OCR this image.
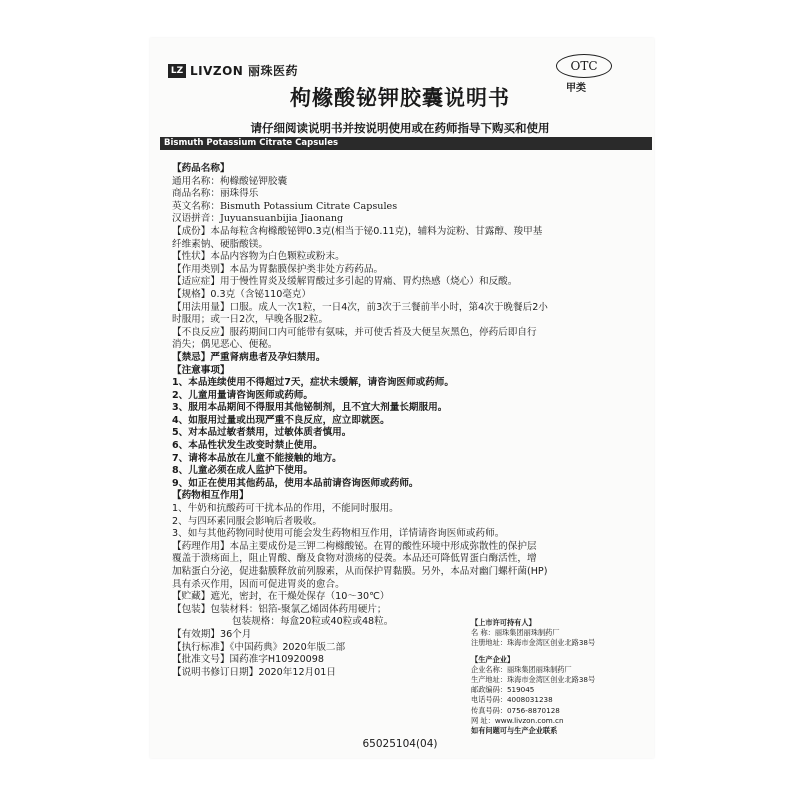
LZ LIVZON 丽珠医药	OTC
甲类
枸橼酸铋钾胶囊说明书
请仔细阅读说明书并按说明使用或在药师指导下购买和使用
Bismuth Potassium Citrate Capsules
【药品名称】
通用名称：枸橼酸铋钾胶囊
商品名称：丽珠得乐
英文名称：Bismuth Potassium Citrate Capsules
汉语拼音：Juyuansuanbijia Jiaonang
【成份】本品每粒含枸橼酸铋钾0.3克(相当于铋0.11克)，辅料为淀粉、甘露醇、羧甲基
纤维素钠、硬脂酸镁。
【性状】本品内容物为白色颗粒或粉末。
【作用类别】本品为胃黏膜保护类非处方药药品。
【适应症】用于慢性胃炎及缓解胃酸过多引起的胃痛、胃灼热感（烧心）和反酸。
【规格】0.3克（含铋110毫克）
【用法用量】口服。成人一次1粒，一日4次，前3次于三餐前半小时，第4次于晚餐后2小
时服用；或一日2次，早晚各服2粒。
【不良反应】服药期间口内可能带有氨味，并可使舌苔及大便呈灰黑色，停药后即自行
消失；偶见恶心、便秘。
【禁忌】严重肾病患者及孕妇禁用。
【注意事项】
1、本品连续使用不得超过7天，症状未缓解，请咨询医师或药师。
2、儿童用量请咨询医师或药师。
3、服用本品期间不得服用其他铋制剂，且不宜大剂量长期服用。
4、如服用过量或出现严重不良反应，应立即就医。
5、对本品过敏者禁用，过敏体质者慎用。
6、本品性状发生改变时禁止使用。
7、请将本品放在儿童不能接触的地方。
8、儿童必须在成人监护下使用。
9、如正在使用其他药品，使用本品前请咨询医师或药师。
【药物相互作用】
1、牛奶和抗酸药可干扰本品的作用，不能同时服用。
2、与四环素同服会影响后者吸收。
3、如与其他药物同时使用可能会发生药物相互作用，详情请咨询医师或药师。
【药理作用】本品主要成份是三钾二枸橼酸铋。在胃的酸性环境中形成弥散性的保护层
覆盖于溃疡面上，阻止胃酸、酶及食物对溃疡的侵袭。本品还可降低胃蛋白酶活性，增
加粘蛋白分泌，促进黏膜释放前列腺素，从而保护胃黏膜。另外，本品对幽门螺杆菌(HP)
具有杀灭作用，因而可促进胃炎的愈合。
【贮藏】遮光，密封，在干燥处保存（10～30℃）
【包装】包装材料：铝箔-聚氯乙烯固体药用硬片；
包装规格：每盒20粒或40粒或48粒。
【有效期】36个月
【执行标准】《中国药典》2020年版二部
【批准文号】国药准字H10920098
【说明书修订日期】2020年12月01日
【上市许可持有人】
名 称：丽珠集团丽珠制药厂
注册地址：珠海市金湾区创业北路38号
【生产企业】
企业名称：丽珠集团丽珠制药厂
生产地址：珠海市金湾区创业北路38号
邮政编码：519045
电话号码：4008031238
传真号码：0756-8870128
网 址：www.livzon.com.cn
如有问题可与生产企业联系
65025104(04)
